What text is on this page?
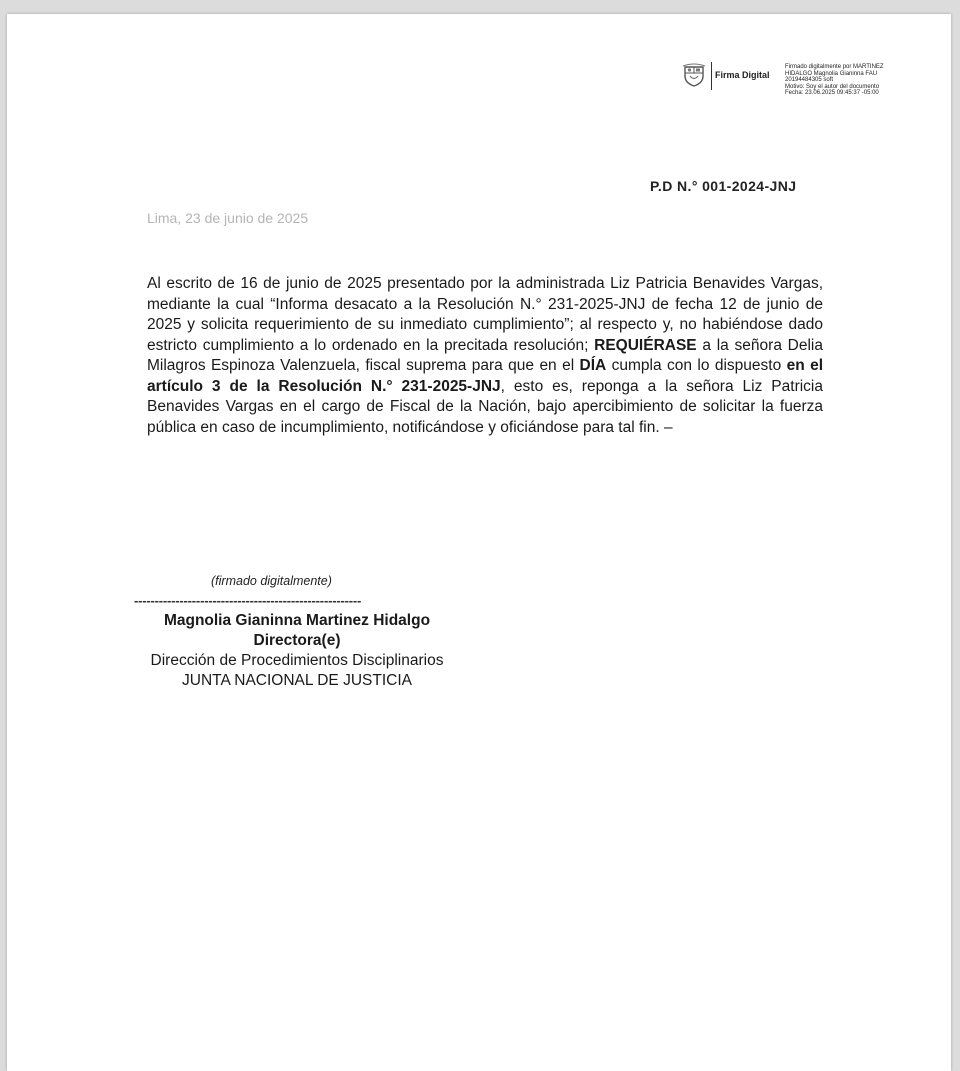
Firma Digital
Firmado digitalmente por MARTINEZ
HIDALGO Magnolia Gianinna FAU
20194484305 soft
Motivo: Soy el autor del documento
Fecha: 23.06.2025 09:45:37 -05:00
P.D N.° 001-2024-JNJ
Lima, 23 de junio de 2025
Al escrito de 16 de junio de 2025 presentado por la administrada Liz Patricia Benavides Vargas, mediante la cual “Informa desacato a la Resolución N.° 231-2025-JNJ de fecha 12 de junio de 2025 y solicita requerimiento de su inmediato cumplimiento”; al respecto y, no habiéndose dado estricto cumplimiento a lo ordenado en la precitada resolución; REQUIÉRASE a la señora Delia Milagros Espinoza Valenzuela, fiscal suprema para que en el DÍA cumpla con lo dispuesto en el artículo 3 de la Resolución N.° 231-2025-JNJ, esto es, reponga a la señora Liz Patricia Benavides Vargas en el cargo de Fiscal de la Nación, bajo apercibimiento de solicitar la fuerza pública en caso de incumplimiento, notificándose y oficiándose para tal fin. –
(firmado digitalmente)
-------------------------------------------------------
Magnolia Gianinna Martinez Hidalgo
Directora(e)
Dirección de Procedimientos Disciplinarios
JUNTA NACIONAL DE JUSTICIA
